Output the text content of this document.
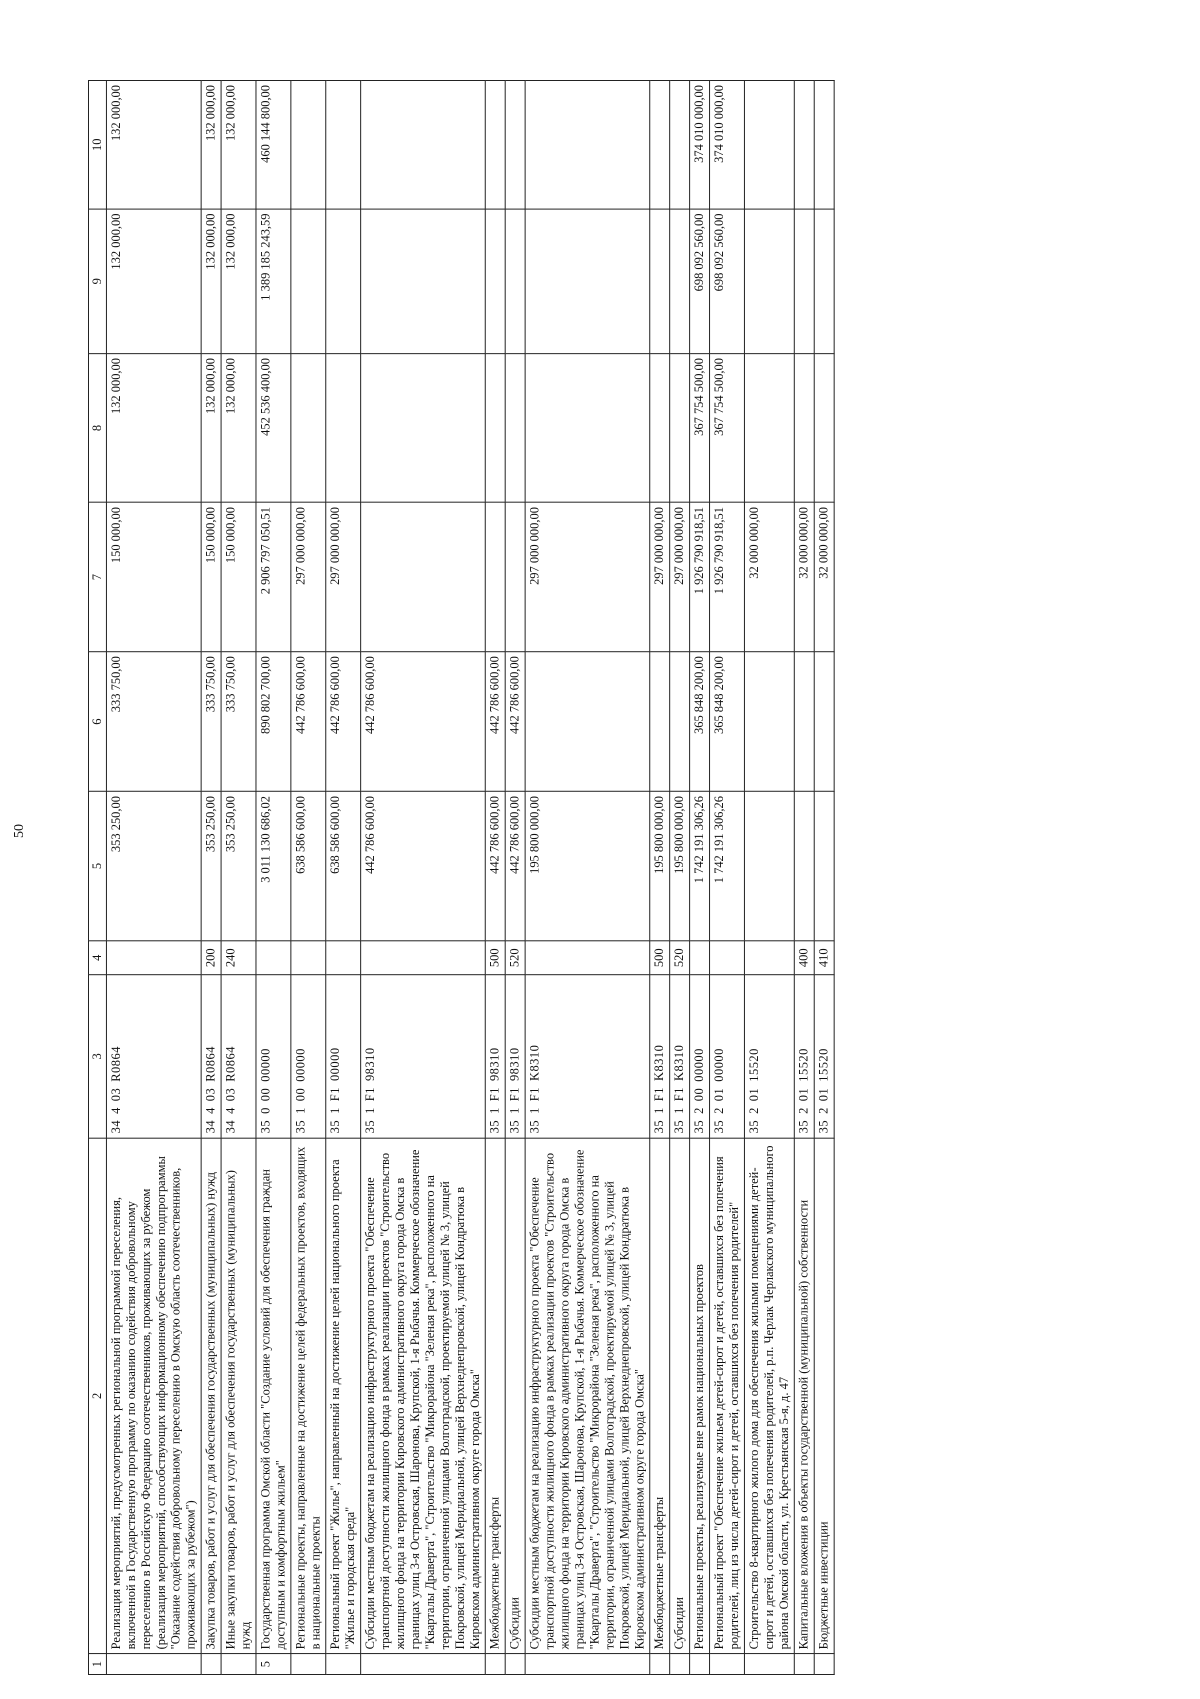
50
1	2	3	4	5	6	7	8	9	10
	Реализация мероприятий, предусмотренных региональной программой переселения, включенной в Государственную программу по оказанию содействия добровольному переселению в Российскую Федерацию соотечественников, проживающих за рубежом (реализация мероприятий, способствующих информационному обеспечению подпрограммы "Оказание содействия добровольному переселению в Омскую область соотечественников, проживающих за рубежом")	34403R0864		353 250,00	333 750,00	150 000,00	132 000,00	132 000,00	132 000,00
	Закупка товаров, работ и услуг для обеспечения государственных (муниципальных) нужд	34403R0864	200	353 250,00	333 750,00	150 000,00	132 000,00	132 000,00	132 000,00
	Иные закупки товаров, работ и услуг для обеспечения государственных (муниципальных) нужд	34403R0864	240	353 250,00	333 750,00	150 000,00	132 000,00	132 000,00	132 000,00
5	Государственная программа Омской области "Создание условий для обеспечения граждан доступным и комфортным жильем"	3500000000		3 011 130 686,02	890 802 700,00	2 906 797 050,51	452 536 400,00	1 389 185 243,59	460 144 800,00
	Региональные проекты, направленные на достижение целей федеральных проектов, входящих в национальные проекты	3510000000		638 586 600,00	442 786 600,00	297 000 000,00			
	Региональный проект "Жилье", направленный на достижение целей национального проекта "Жилье и городская среда"	351F100000		638 586 600,00	442 786 600,00	297 000 000,00			
	Субсидии местным бюджетам на реализацию инфраструктурного проекта "Обеспечение транспортной доступности жилищного фонда в рамках реализации проектов "Строительство жилищного фонда на территории Кировского административного округа города Омска в границах улиц 3-я Островская, Шаронова, Крупской, 1-я Рыбачья. Коммерческое обозначение "Кварталы Драверта", "Строительство "Микрорайона "Зеленая река", расположенного на территории, ограниченной улицами Волгоградской, проектируемой улицей № 3, улицей Покровской, улицей Меридиальной, улицей Верхнеднепровской, улицей Кондратюка в Кировском административном округе города Омска"	351F198310		442 786 600,00	442 786 600,00				
	Межбюджетные трансферты	351F198310	500	442 786 600,00	442 786 600,00				
	Субсидии	351F198310	520	442 786 600,00	442 786 600,00				
	Субсидии местным бюджетам на реализацию инфраструктурного проекта "Обеспечение транспортной доступности жилищного фонда в рамках реализации проектов "Строительство жилищного фонда на территории Кировского административного округа города Омска в границах улиц 3-я Островская, Шаронова, Крупской, 1-я Рыбачья. Коммерческое обозначение "Кварталы Драверта", "Строительство "Микрорайона "Зеленая река", расположенного на территории, ограниченной улицами Волгоградской, проектируемой улицей № 3, улицей Покровской, улицей Меридиальной, улицей Верхнеднепровской, улицей Кондратюка в Кировском административном округе города Омска"	351F1K8310		195 800 000,00		297 000 000,00			
	Межбюджетные трансферты	351F1K8310	500	195 800 000,00		297 000 000,00			
	Субсидии	351F1K8310	520	195 800 000,00		297 000 000,00			
	Региональные проекты, реализуемые вне рамок национальных проектов	3520000000		1 742 191 306,26	365 848 200,00	1 926 790 918,51	367 754 500,00	698 092 560,00	374 010 000,00
	Региональный проект "Обеспечение жильем детей-сирот и детей, оставшихся без попечения родителей, лиц из числа детей-сирот и детей, оставшихся без попечения родителей"	3520100000		1 742 191 306,26	365 848 200,00	1 926 790 918,51	367 754 500,00	698 092 560,00	374 010 000,00
	Строительство 8-квартирного жилого дома для обеспечения жилыми помещениями детей-сирот и детей, оставшихся без попечения родителей, р.п. Черлак Черлакского муниципального района Омской области, ул. Крестьянская 5-я, д. 47	3520115520				32 000 000,00			
	Капитальные вложения в объекты государственной (муниципальной) собственности	3520115520	400			32 000 000,00			
	Бюджетные инвестиции	3520115520	410			32 000 000,00			
